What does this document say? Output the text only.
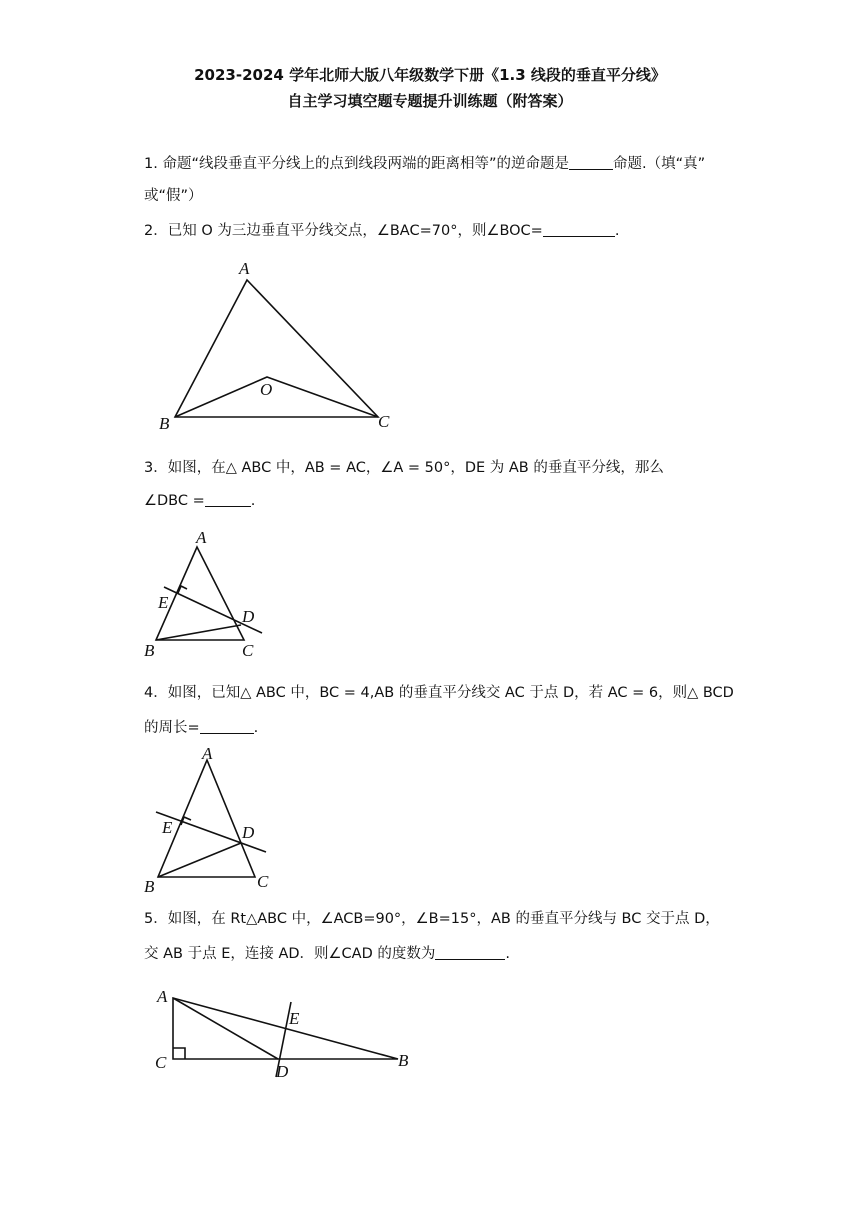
2023-2024 学年北师大版八年级数学下册《1.3 线段的垂直平分线》
自主学习填空题专题提升训练题（附答案）
1. 命题“线段垂直平分线上的点到线段两端的距离相等”的逆命题是	命题.（填“真”
或“假”）
2．已知 O 为三边垂直平分线交点，∠BAC=70°，则∠BOC=	.
A
O
B	C
3．如图，在△ ABC 中，AB = AC，∠A = 50°，DE 为 AB 的垂直平分线，那么
∠DBC =	.
A
E
D
B	C
4．如图，已知△ ABC 中，BC = 4,AB 的垂直平分线交 AC 于点 D，若 AC = 6，则△ BCD
的周长=	.
A
E	D
B	C
5．如图，在 Rt△ABC 中，∠ACB=90°，∠B=15°，AB 的垂直平分线与 BC 交于点 D，
交 AB 于点 E，连接 AD．则∠CAD 的度数为	.
A
E
C	D
B
